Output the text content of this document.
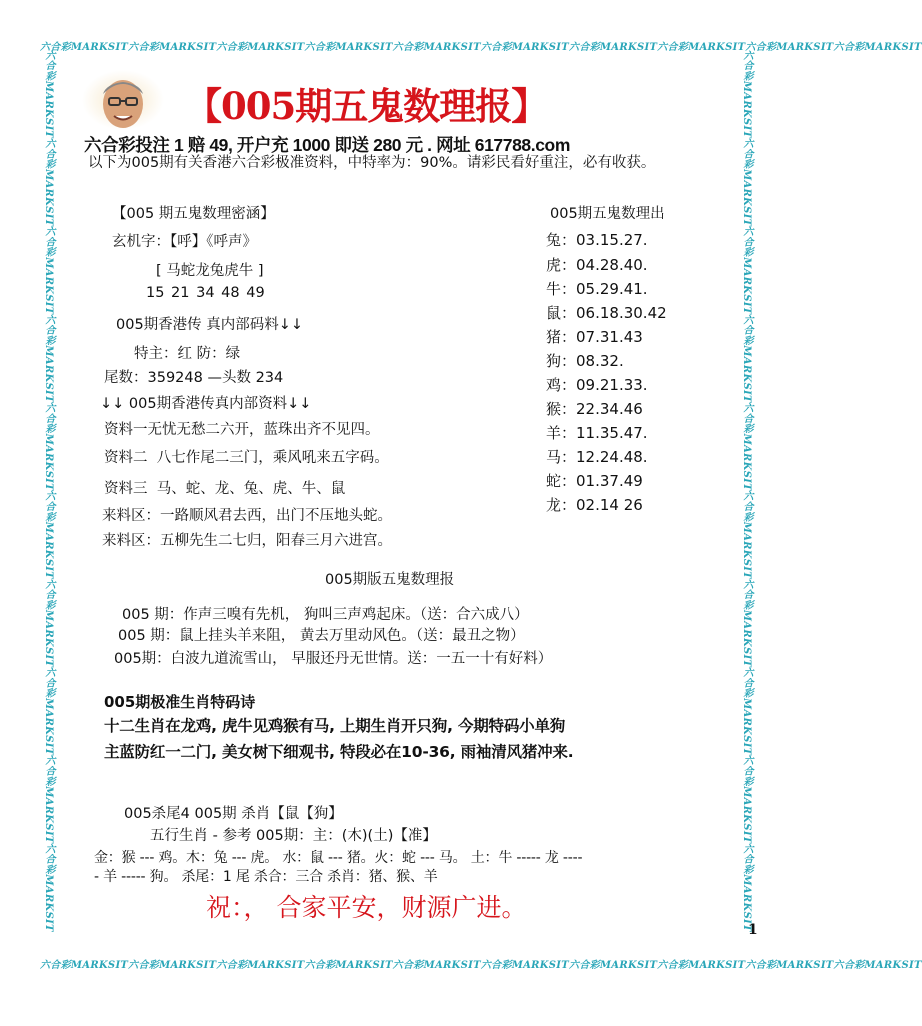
六合彩MARKSIT六合彩MARKSIT六合彩MARKSIT六合彩MARKSIT六合彩MARKSIT六合彩MARKSIT六合彩MARKSIT六合彩MARKSIT六合彩MARKSIT六合彩MARKSIT
六合彩MARKSIT六合彩MARKSIT六合彩MARKSIT六合彩MARKSIT六合彩MARKSIT六合彩MARKSIT六合彩MARKSIT六合彩MARKSIT六合彩MARKSIT六合彩MARKSIT
六合彩MARKSIT六合彩MARKSIT六合彩MARKSIT六合彩MARKSIT六合彩MARKSIT六合彩MARKSIT六合彩MARKSIT六合彩MARKSIT六合彩MARKSIT六合彩MARKSIT	六合彩MARKSIT六合彩MARKSIT六合彩MARKSIT六合彩MARKSIT六合彩MARKSIT六合彩MARKSIT六合彩MARKSIT六合彩MARKSIT六合彩MARKSIT六合彩MARKSIT
【005期五鬼数理报】
六合彩投注 1 赔 49, 开户充 1000 即送 280 元 . 网址 617788.com
以下为005期有关香港六合彩极准资料，中特率为：90%。请彩民看好重注，必有收获。
【005 期五鬼数理密涵】
玄机字：【呼】《呼声》
[ 马蛇龙兔虎牛 ]
15 21 34 48 49
005期香港传 真内部码料↓↓
特主：红 防：绿
尾数：359248 —头数 234
↓↓ 005期香港传真内部资料↓↓
资料一无忧无愁二六开，蓝珠出齐不见四。
资料二 八七作尾二三门，乘风吼来五字码。
资料三 马、蛇、龙、兔、虎、牛、鼠
来料区：一路顺风君去西，出门不压地头蛇。
来料区：五柳先生二七归，阳春三月六进宫。
005期五鬼数理出
兔：03.15.27.
虎：04.28.40.
牛：05.29.41.
鼠：06.18.30.42
猪：07.31.43
狗：08.32.
鸡：09.21.33.
猴：22.34.46
羊：11.35.47.
马：12.24.48.
蛇：01.37.49
龙：02.14 26
005期版五鬼数理报
005 期：作声三嗅有先机， 狗叫三声鸡起床。（送：合六成八）
005 期：鼠上挂头羊来阻， 黄去万里动风色。（送：最丑之物）
005期：白波九道流雪山， 早服还丹无世情。送：一五一十有好料）
005期极准生肖特码诗
十二生肖在龙鸡, 虎牛见鸡猴有马, 上期生肖开只狗, 今期特码小单狗
主蓝防红一二门, 美女树下细观书, 特段必在10-36, 雨袖清风猪冲来.
005杀尾4 005期 杀肖【鼠【狗】
五行生肖 - 参考 005期：主：(木)(土)【准】
金：猴 --- 鸡。木：兔 --- 虎。 水：鼠 --- 猪。火：蛇 --- 马。 土：牛 ----- 龙 ----
- 羊 ----- 狗。 杀尾：1 尾 杀合：三合 杀肖：猪、猴、羊
祝：， 合家平安，财源广进。
1
